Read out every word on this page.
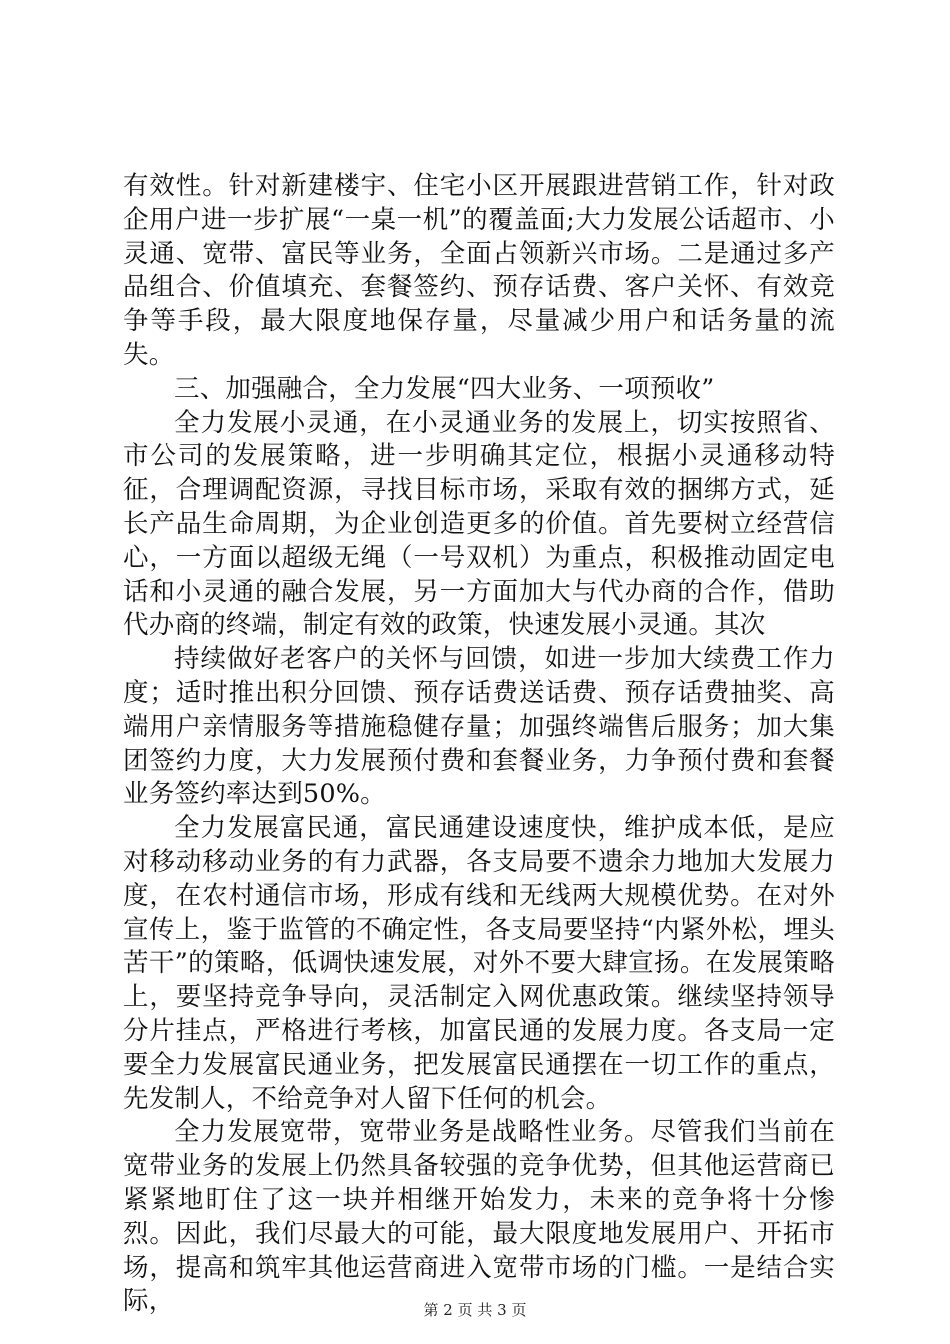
有效性。针对新建楼宇、住宅小区开展跟进营销工作，针对政企用户进一步扩展“一桌一机”的覆盖面;大力发展公话超市、小灵通、宽带、富民等业务，全面占领新兴市场。二是通过多产品组合、价值填充、套餐签约、预存话费、客户关怀、有效竞争等手段，最大限度地保存量，尽量减少用户和话务量的流失。

三、加强融合，全力发展“四大业务、一项预收”

全力发展小灵通，在小灵通业务的发展上，切实按照省、市公司的发展策略，进一步明确其定位，根据小灵通移动特征，合理调配资源，寻找目标市场，采取有效的捆绑方式，延长产品生命周期，为企业创造更多的价值。首先要树立经营信心，一方面以超级无绳（一号双机）为重点，积极推动固定电话和小灵通的融合发展，另一方面加大与代办商的合作，借助代办商的终端，制定有效的政策，快速发展小灵通。其次

持续做好老客户的关怀与回馈，如进一步加大续费工作力度；适时推出积分回馈、预存话费送话费、预存话费抽奖、高端用户亲情服务等措施稳健存量；加强终端售后服务；加大集团签约力度，大力发展预付费和套餐业务，力争预付费和套餐业务签约率达到50%。

全力发展富民通，富民通建设速度快，维护成本低，是应对移动移动业务的有力武器，各支局要不遗余力地加大发展力度，在农村通信市场，形成有线和无线两大规模优势。在对外宣传上，鉴于监管的不确定性，各支局要坚持“内紧外松，埋头苦干”的策略，低调快速发展，对外不要大肆宣扬。在发展策略上，要坚持竞争导向，灵活制定入网优惠政策。继续坚持领导分片挂点，严格进行考核，加富民通的发展力度。各支局一定要全力发展富民通业务，把发展富民通摆在一切工作的重点，先发制人，不给竞争对人留下任何的机会。

全力发展宽带，宽带业务是战略性业务。尽管我们当前在宽带业务的发展上仍然具备较强的竞争优势，但其他运营商已紧紧地盯住了这一块并相继开始发力，未来的竞争将十分惨烈。因此，我们尽最大的可能，最大限度地发展用户、开拓市场，提高和筑牢其他运营商进入宽带市场的门槛。一是结合实际，	第 2 页 共 3 页
